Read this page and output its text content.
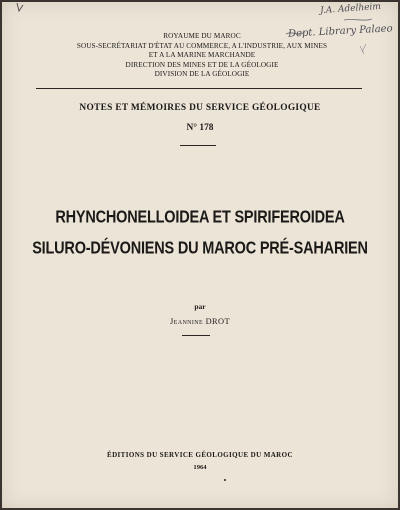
J.A. Adelheim
Dept. Library Palaeo
ROYAUME DU MAROC
SOUS-SECRÉTARIAT D'ÉTAT AU COMMERCE, A L'INDUSTRIE, AUX MINES
ET A LA MARINE MARCHANDE
DIRECTION DES MINES ET DE LA GÉOLOGIE
DIVISION DE LA GÉOLOGIE
NOTES ET MÉMOIRES DU SERVICE GÉOLOGIQUE
N° 178
RHYNCHONELLOIDEA ET SPIRIFEROIDEA
SILURO-DÉVONIENS DU MAROC PRÉ-SAHARIEN
par
Jeannine DROT
ÉDITIONS DU SERVICE GÉOLOGIQUE DU MAROC
1964
